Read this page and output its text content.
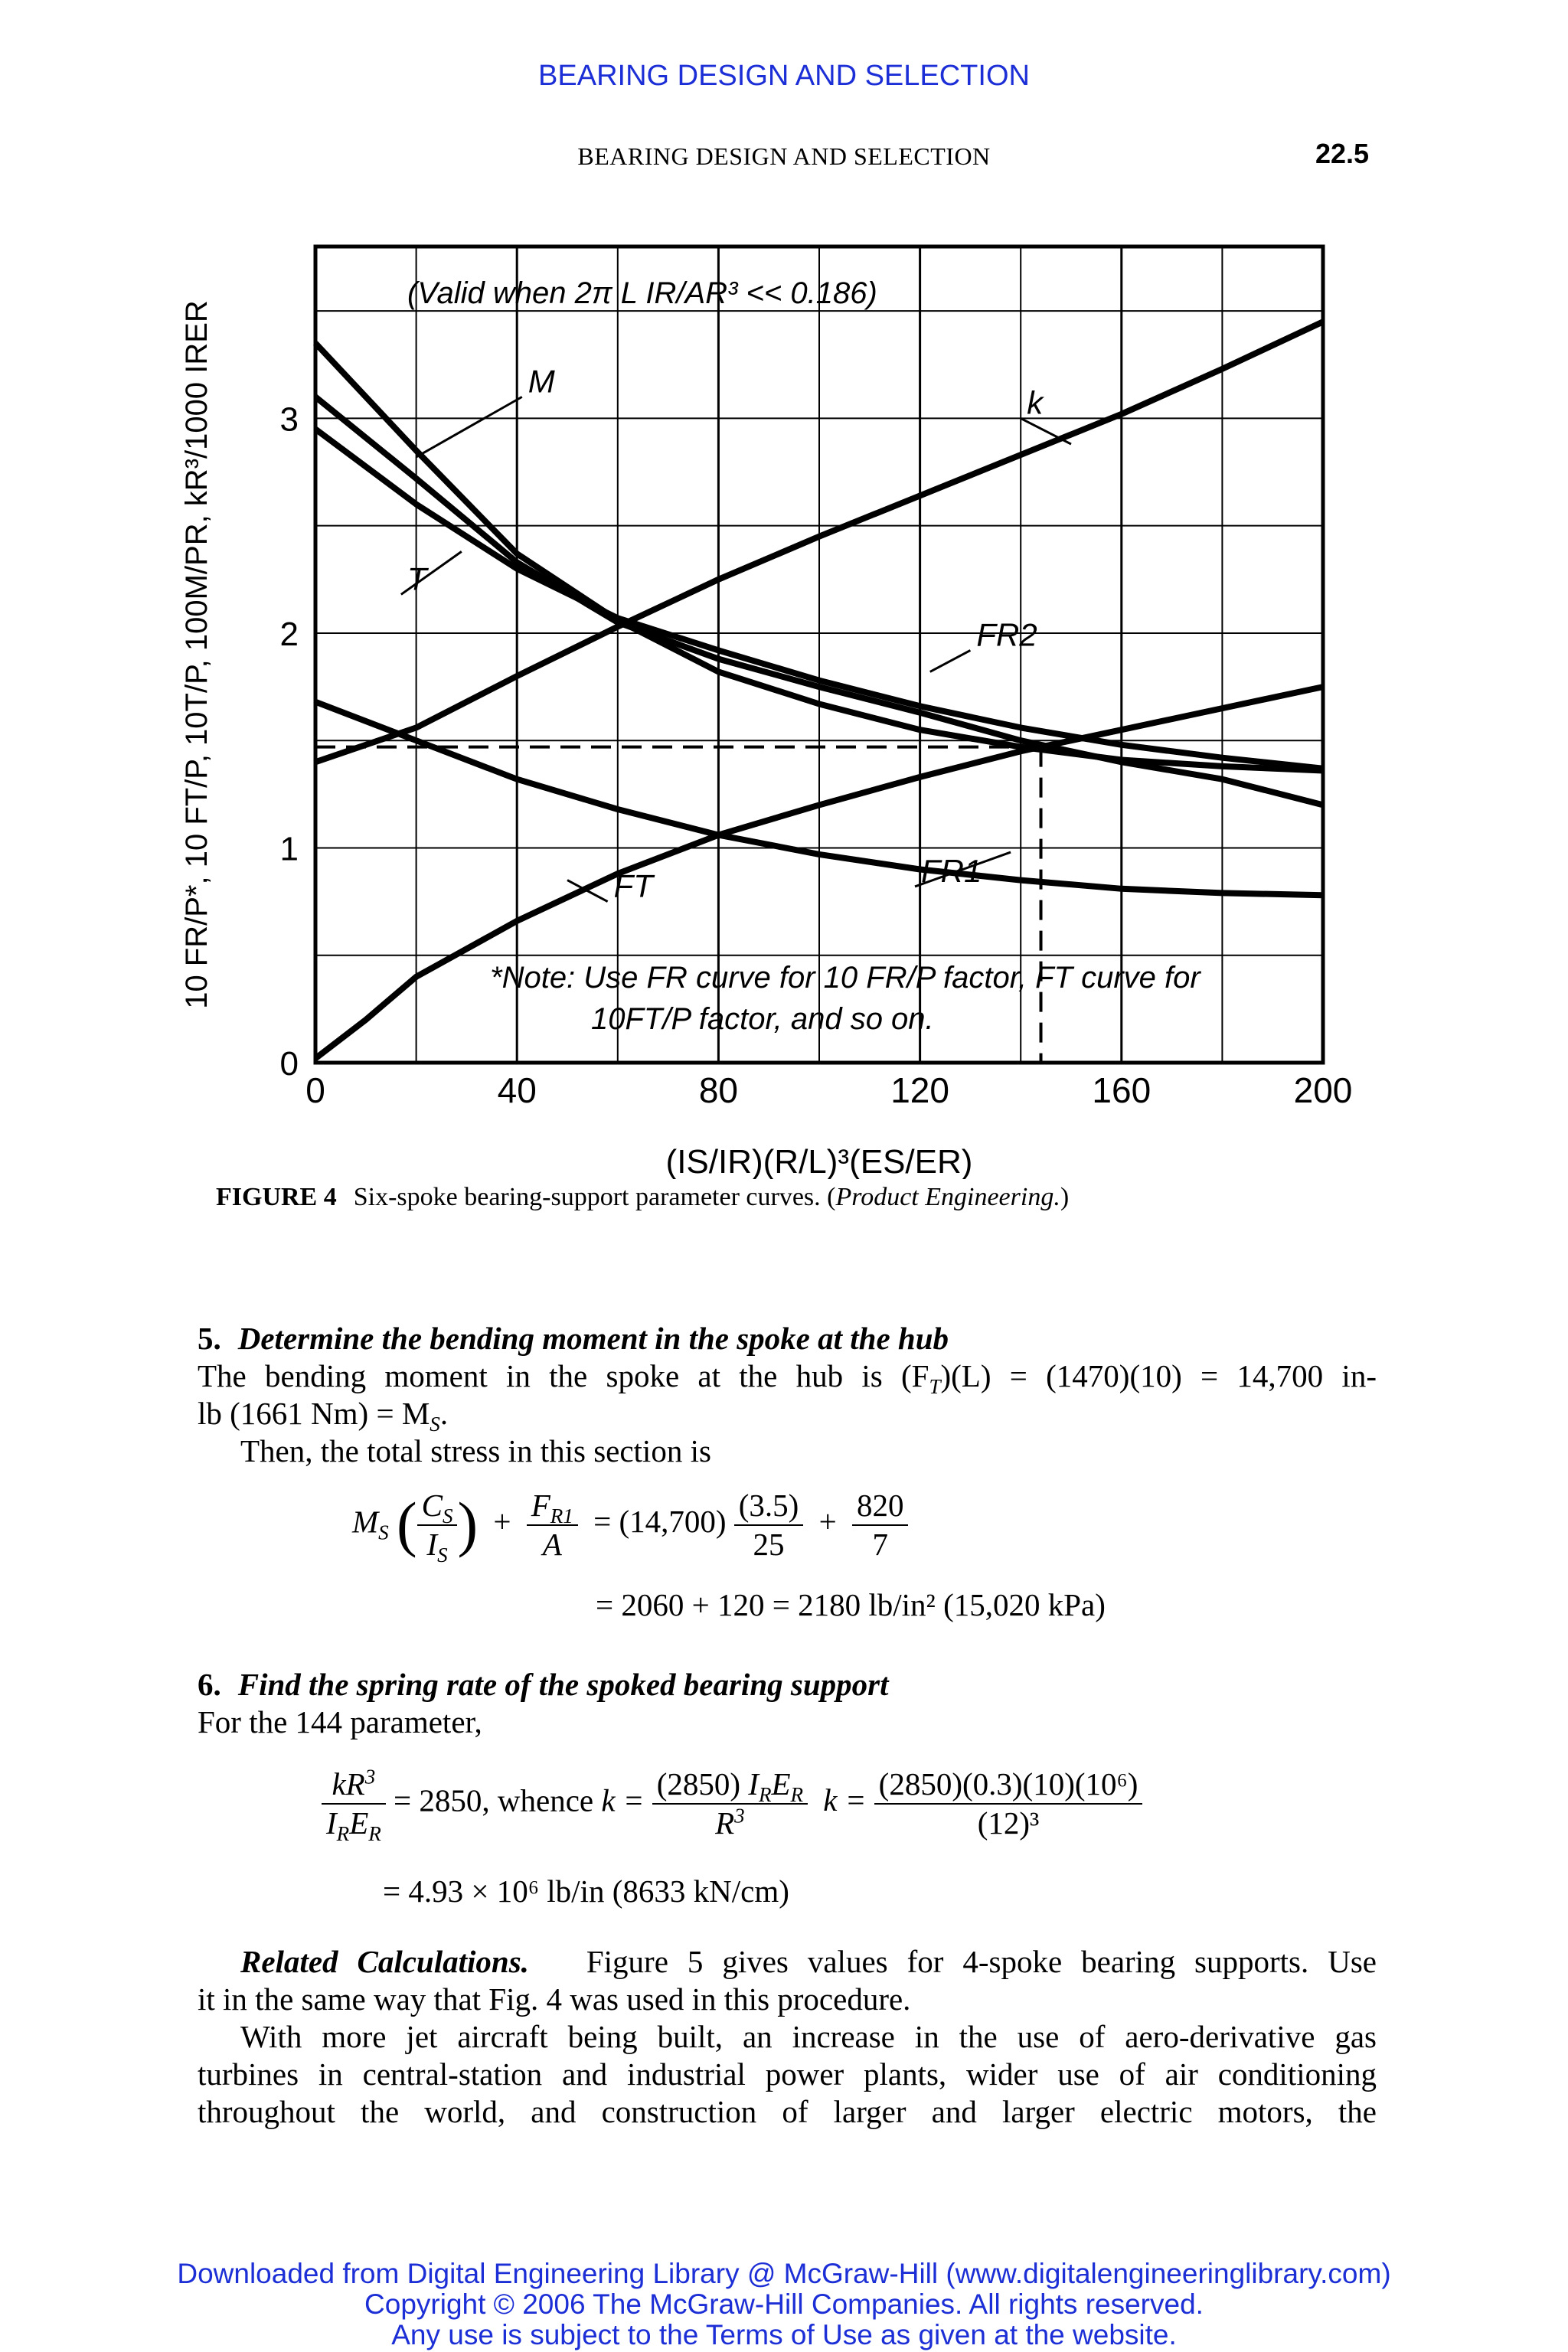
BEARING DESIGN AND SELECTION
BEARING DESIGN AND SELECTION	22.5
0	40	80	120	160	200
0
1
2
3
(IS/IR)(R/L)³(ES/ER)
10 FR/P*, 10 FT/P, 10T/P, 100M/PR, kR³/1000 IRER
(Valid when 2π L IR/AR³ << 0.186)
*Note: Use FR curve for 10 FR/P factor, FT curve for
10FT/P factor, and so on.
M
T
k
FR2
FR1
FT
FIGURE 4 Six-spoke bearing-support parameter curves. (Product Engineering.)
5. Determine the bending moment in the spoke at the hub
The bending moment in the spoke at the hub is $(F_T)(L) = (1470)(10) = 14,700$ in-
lb (1661 $Nm) = M_S$.
Then, the total stress in this section is
$M_S$ ( $\frac{C_S}{I_S}$ ) + $\frac{F_{R1}}{A} = (14,700) \frac{(3.5)}{25} + \frac{820}{7}$
= 2060 + 120 = 2180 lb/in² (15,020 kPa)
6. Find the spring rate of the spoked bearing support
For the 144 parameter,
$\frac{kR^3}{I_RE_R} = 2850$, whence $k = \frac{(2850) I_RE_R}{R^3}$ $k = \frac{\text{(2850)(0.3)(10)(10⁶)}}{\text{(12)³}}$
= 4.93 × 10⁶ lb/in (8633 kN/cm)
Related Calculations. Figure 5 gives values for 4-spoke bearing supports. Use
it in the same way that Fig. 4 was used in this procedure.
With more jet aircraft being built, an increase in the use of aero-derivative gas
turbines in central-station and industrial power plants, wider use of air conditioning
throughout the world, and construction of larger and larger electric motors, the
Downloaded from Digital Engineering Library @ McGraw-Hill (www.digitalengineeringlibrary.com)
Copyright © 2006 The McGraw-Hill Companies. All rights reserved.
Any use is subject to the Terms of Use as given at the website.
